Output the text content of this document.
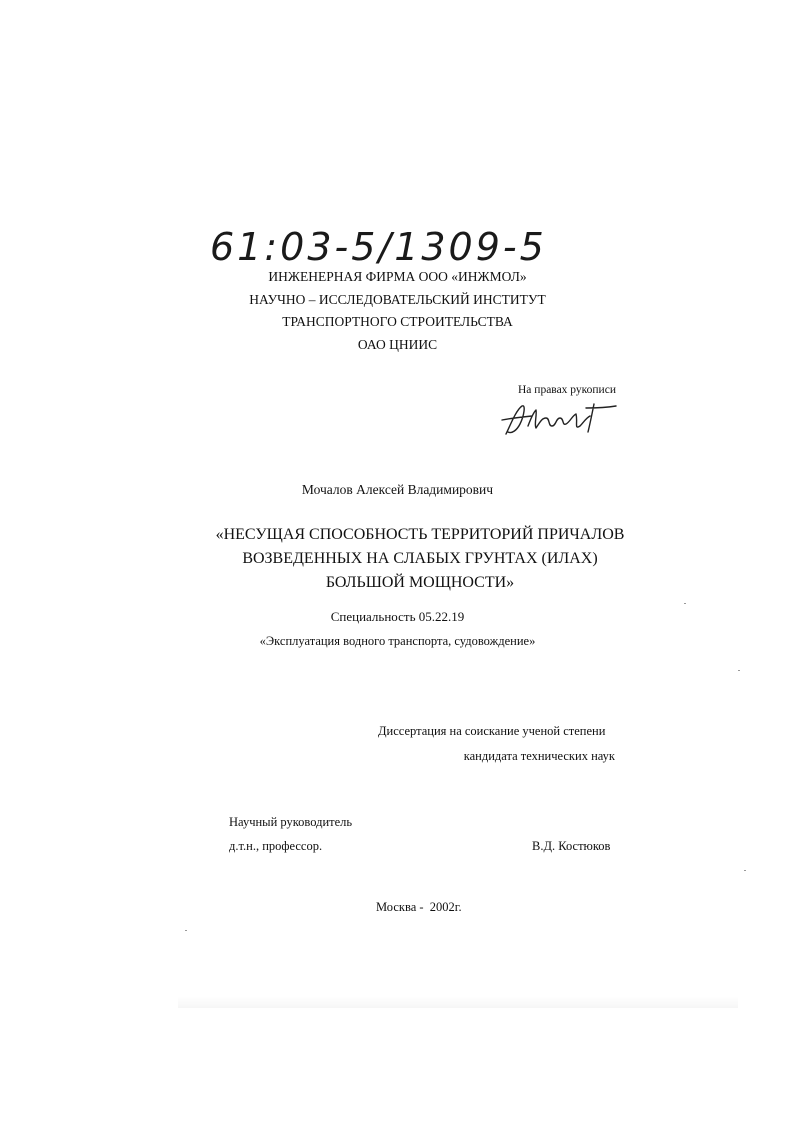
61:03-5/1309-5
ИНЖЕНЕРНАЯ ФИРМА ООО «ИНЖМОЛ»
НАУЧНО – ИССЛЕДОВАТЕЛЬСКИЙ ИНСТИТУТ
ТРАНСПОРТНОГО СТРОИТЕЛЬСТВА
ОАО ЦНИИС
На правах рукописи
Мочалов Алексей Владимирович
«НЕСУЩАЯ СПОСОБНОСТЬ ТЕРРИТОРИЙ ПРИЧАЛОВ
ВОЗВЕДЕННЫХ НА СЛАБЫХ ГРУНТАХ (ИЛАХ)
БОЛЬШОЙ МОЩНОСТИ»
Специальность 05.22.19
«Эксплуатация водного транспорта, судовождение»
Диссертация на соискание ученой степени
кандидата технических наук
Научный руководитель
д.т.н., профессор.	В.Д. Костюков
Москва -  2002г.
